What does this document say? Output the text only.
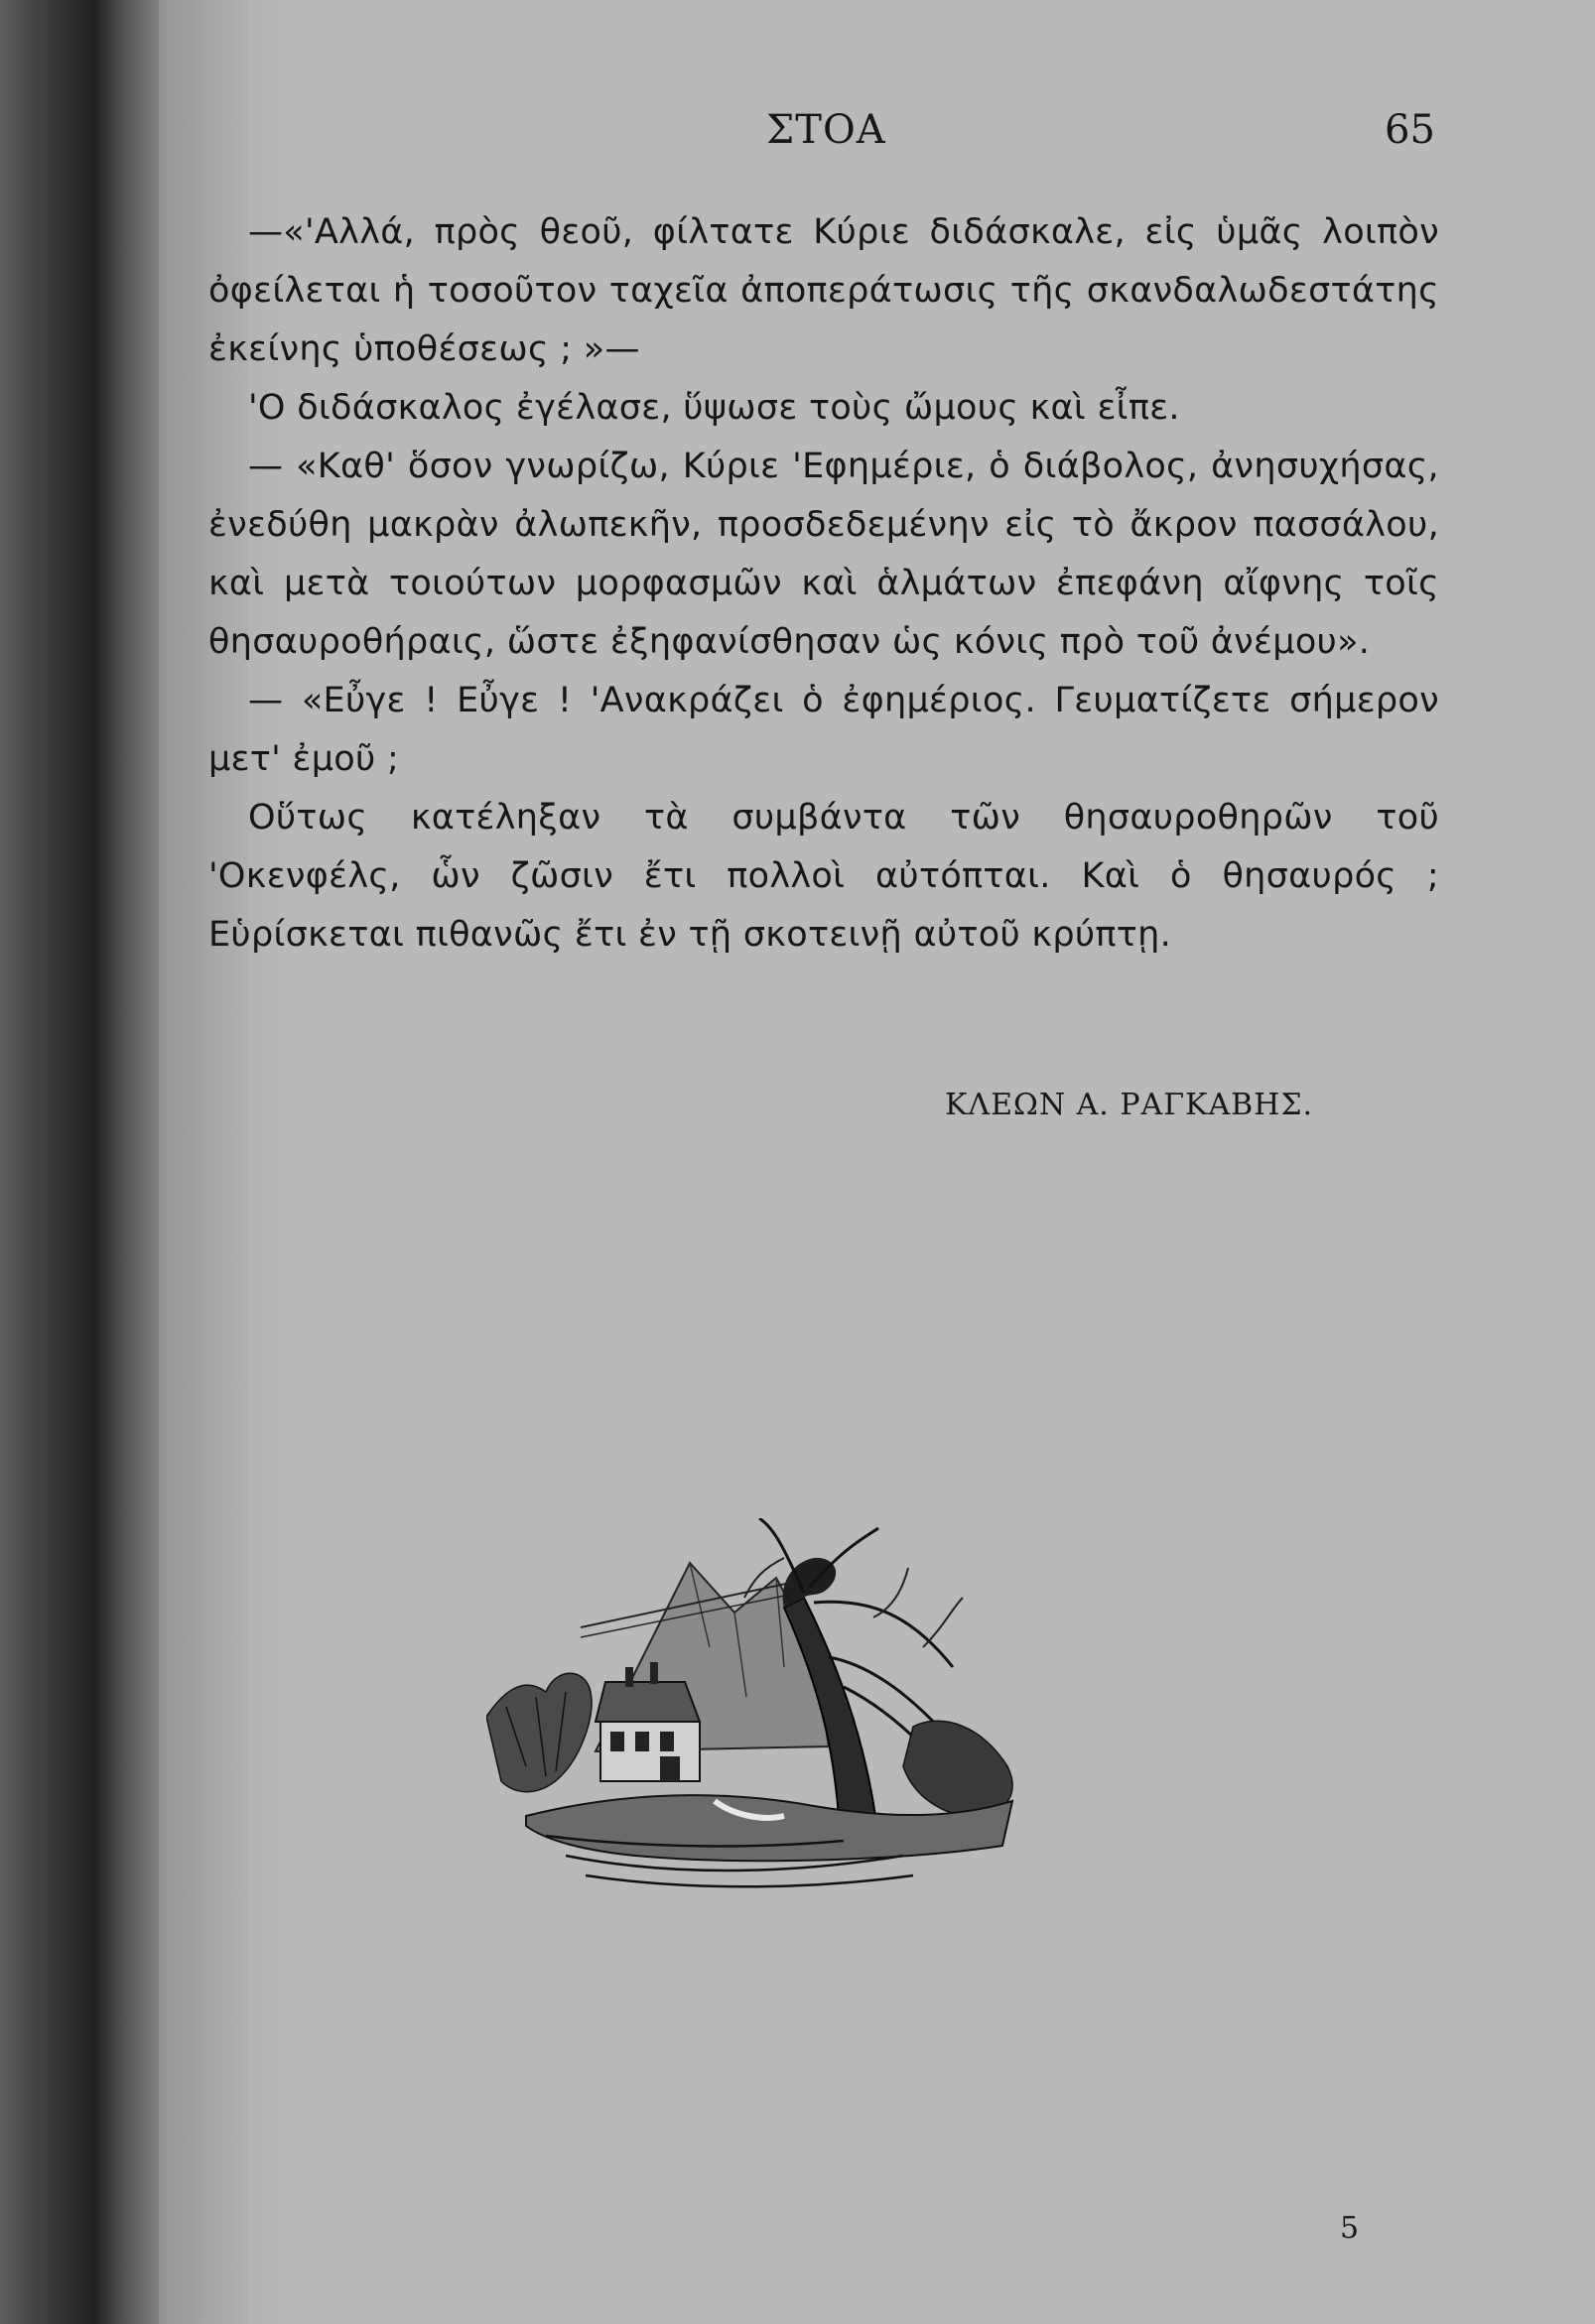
ΣΤΟΑ	65

—«'Αλλά, πρὸς θεοῦ, φίλτατε Κύριε διδάσκαλε, εἰς ὑμᾶς λοιπὸν ὀφείλεται ἡ τοσοῦτον ταχεῖα ἀποπεράτωσις τῆς σκανδαλωδεστάτης ἐκείνης ὑποθέσεως ; »—

'Ο διδάσκαλος ἐγέλασε, ὕψωσε τοὺς ὤμους καὶ εἶπε.

— «Καθ' ὅσον γνωρίζω, Κύριε 'Εφημέριε, ὁ διάβολος, ἀνησυχήσας, ἐνεδύθη μακρὰν ἀλωπεκῆν, προσδεδεμένην εἰς τὸ ἄκρον πασσάλου, καὶ μετὰ τοιούτων μορφασμῶν καὶ ἁλμάτων ἐπεφάνη αἴφνης τοῖς θησαυροθήραις, ὥστε ἐξηφανίσθησαν ὡς κόνις πρὸ τοῦ ἀνέμου».

— «Εὖγε ! Εὖγε ! 'Ανακράζει ὁ ἐφημέριος. Γευματίζετε σήμερον μετ' ἐμοῦ ;

Οὕτως κατέληξαν τὰ συμβάντα τῶν θησαυροθηρῶν τοῦ 'Οκενφέλς, ὧν ζῶσιν ἔτι πολλοὶ αὐτόπται. Καὶ ὁ θησαυρός ; Εὑρίσκεται πιθανῶς ἔτι ἐν τῇ σκοτεινῇ αὐτοῦ κρύπτῃ.

ΚΛΕΩΝ Α. ΡΑΓΚΑΒΗΣ.
5
